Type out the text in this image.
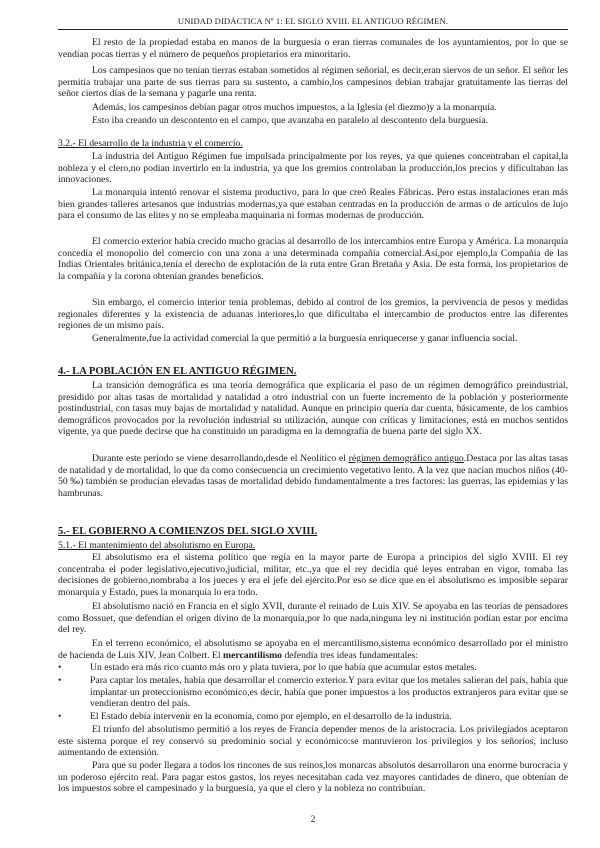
UNIDAD DIDÁCTICA Nº 1: EL SIGLO XVIII. EL ANTIGUO RÉGIMEN.

El resto de la propiedad estaba en manos de la burguesía o eran tierras comunales de los ayuntamientos, por lo que se vendían pocas tierras y el número de pequeños propietarios era minoritario.

Los campesinos que no tenían tierras estaban sometidos al régimen señorial, es decir,eran siervos de un señor. El señor les permitía trabajar una parte de sus tierras para su sustento, a cambio,los campesinos debían trabajar gratuitamente las tierras del señor ciertos días de la semana y pagarle una renta.

Además, los campesinos debían pagar otros muchos impuestos, a la Iglesia (el diezmo)y a la monarquía.

Esto iba creando un descontento en el campo, que avanzaba en paralelo al descontento dela burguesía.

3.2.- El desarrollo de la industria y el comercio.

La industria del Antiguo Régimen fue impulsada principalmente por los reyes, ya que quienes concentraban el capital,la nobleza y el clero,no podían invertirlo en la industria, ya que los gremios controlaban la producción,los precios y dificultaban las innovaciones.

La monarquía intentó renovar el sistema productivo, para lo que creó Reales Fábricas. Pero estas instalaciones eran más bien grandes talleres artesanos que industrias modernas,ya que estaban centradas en la producción de armas o de artículos de lujo para el consumo de las elites y no se empleaba maquinaria ni formas modernas de producción.

El comercio exterior había crecido mucho gracias al desarrollo de los intercambios entre Europa y América. La monarquía concedía el monopolio del comercio con una zona a una determinada compañía comercial.Así,por ejemplo,la Compañía de las Indias Orientales británica,tenía el derecho de explotación de la ruta entre Gran Bretaña y Asia. De esta forma, los propietarios de la compañía y la corona obtenían grandes beneficios.

Sin embargo, el comercio interior tenía problemas, debido al control de los gremios, la pervivencia de pesos y medidas regionales diferentes y la existencia de aduanas interiores,lo que dificultaba el intercambio de productos entre las diferentes regiones de un mismo país.

Generalmente,fue la actividad comercial la que permitió a la burguesía enriquecerse y ganar influencia social.

4.- LA POBLACIÓN EN EL ANTIGUO RÉGIMEN.

La transición demográfica es una teoría demográfica que explicaría el paso de un régimen demográfico preindustrial, presidido por altas tasas de mortalidad y natalidad a otro industrial con un fuerte incremento de la población y posteriormente postindustrial, con tasas muy bajas de mortalidad y natalidad. Aunque en principio quería dar cuenta, básicamente, de los cambios demográficos provocados por la revolución industrial su utilización, aunque con críticas y limitaciones, está en muchos sentidos vigente, ya que puede decirse que ha constituido un paradigma en la demografía de buena parte del siglo XX.

Durante este periodo se viene desarrollando,desde el Neolítico el régimen demográfico antiguo.Destaca por las altas tasas de natalidad y de mortalidad, lo que da como consecuencia un crecimiento vegetativo lento. A la vez que nacían muchos niños (40-50 ‰) también se producían elevadas tasas de mortalidad debido fundamentalmente a tres factores: las guerras, las epidemias y las hambrunas.

5.- EL GOBIERNO A COMIENZOS DEL SIGLO XVIII.
5.1.- El mantenimiento del absolutismo en Europa.

El absolutismo era el sistema político que regía en la mayor parte de Europa a principios del siglo XVIII. El rey concentraba el poder legislativo,ejecutivo,judicial, militar, etc.,ya que el rey decidía qué leyes entraban en vigor, tomaba las decisiones de gobierno,nombraba a los jueces y era el jefe del ejército.Por eso se dice que en el absolutismo es imposible separar monarquía y Estado, pues la monarquía lo era todo.

El absolutismo nació en Francia en el siglo XVII, durante el reinado de Luis XIV. Se apoyaba en las teorías de pensadores como Bossuet, que defendían el origen divino de la monarquía,por lo que nada,ninguna ley ni institución podían estar por encima del rey.

En el terreno económico, el absolutismo se apoyaba en el mercantilismo,sistema económico desarrollado por el ministro de hacienda de Luis XIV, Jean Colbert. El mercantilismo defendía tres ideas fundamentales:

•	Un estado era más rico cuanto más oro y plata tuviera, por lo que había que acumular estos metales.
•	Para captar los metales, había que desarrollar el comercio exterior.Y para evitar que los metales salieran del país, había que implantar un proteccionismo económico,es decir, había que poner impuestos a los productos extranjeros para evitar que se vendieran dentro del país.
•	El Estado debía intervenir en la economía, como por ejemplo, en el desarrollo de la industria.

El triunfo del absolutismo permitió a los reyes de Francia depender menos de la aristocracia. Los privilegiados aceptaron este sistema porque el rey conservó su predominio social y económico:se mantuvieron los privilegios y los señoríos, incluso aumentando de extensión.

Para que su poder llegara a todos los rincones de sus reinos,los monarcas absolutos desarrollaron una enorme burocracia y un poderoso ejército real. Para pagar estos gastos, los reyes necesitaban cada vez mayores cantidades de dinero, que obtenían de los impuestos sobre el campesinado y la burguesía, ya que el clero y la nobleza no contribuían.

2
